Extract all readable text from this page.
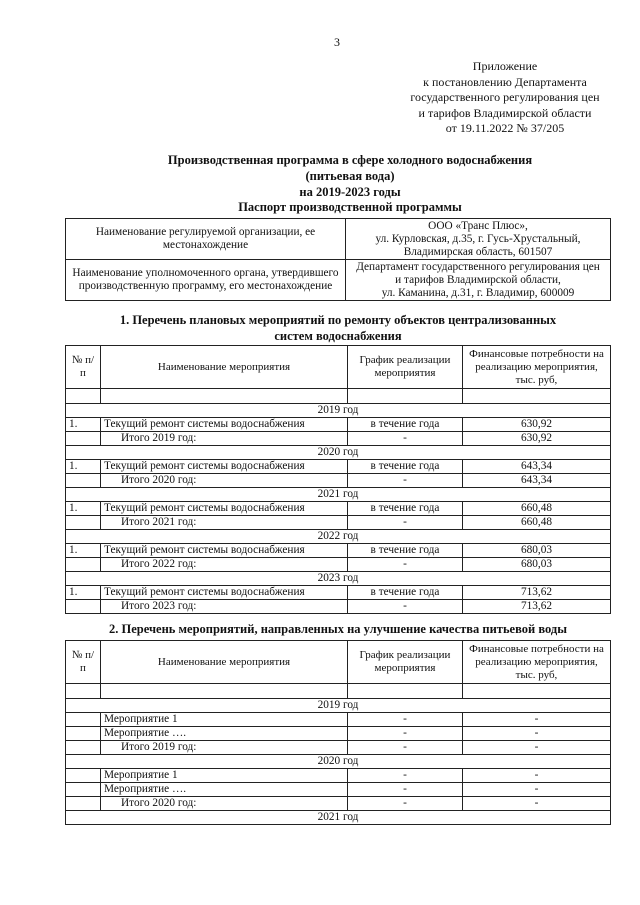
3
Приложение
к постановлению Департамента
государственного регулирования цен
и тарифов Владимирской области
от 19.11.2022 № 37/205
Производственная программа в сфере холодного водоснабжения
(питьевая вода)
на 2019-2023 годы
Паспорт производственной программы
Наименование регулируемой организации, ее местонахождение	ООО «Транс Плюс»,
ул. Курловская, д.35, г. Гусь-Хрустальный,
Владимирская область, 601507

Наименование уполномоченного органа, утвердившего производственную программу, его местонахождение	Департамент государственного регулирования цен
и тарифов Владимирской области,
ул. Каманина, д.31, г. Владимир, 600009
1. Перечень плановых мероприятий по ремонту объектов централизованных
систем водоснабжения
№ п/п	Наименование мероприятия	График реализации мероприятия	Финансовые потребности на реализацию мероприятия, тыс. руб,

2019 год			
1.	Текущий ремонт системы водоснабжения	в течение года	630,92
	Итого 2019 год:	-	630,92
2020 год			
1.	Текущий ремонт системы водоснабжения	в течение года	643,34
	Итого 2020 год:	-	643,34
2021 год			
1.	Текущий ремонт системы водоснабжения	в течение года	660,48
	Итого 2021 год:	-	660,48
2022 год			
1.	Текущий ремонт системы водоснабжения	в течение года	680,03
	Итого 2022 год:	-	680,03
2023 год			
1.	Текущий ремонт системы водоснабжения	в течение года	713,62
	Итого 2023 год:	-	713,62
2. Перечень мероприятий, направленных на улучшение качества питьевой воды
№ п/п	Наименование мероприятия	График реализации мероприятия	Финансовые потребности на реализацию мероприятия, тыс. руб,

2019 год			
	Мероприятие 1	-	-
	Мероприятие ….	-	-
	Итого 2019 год:	-	-
2020 год			
	Мероприятие 1	-	-
	Мероприятие ….	-	-
	Итого 2020 год:	-	-
2021 год			
